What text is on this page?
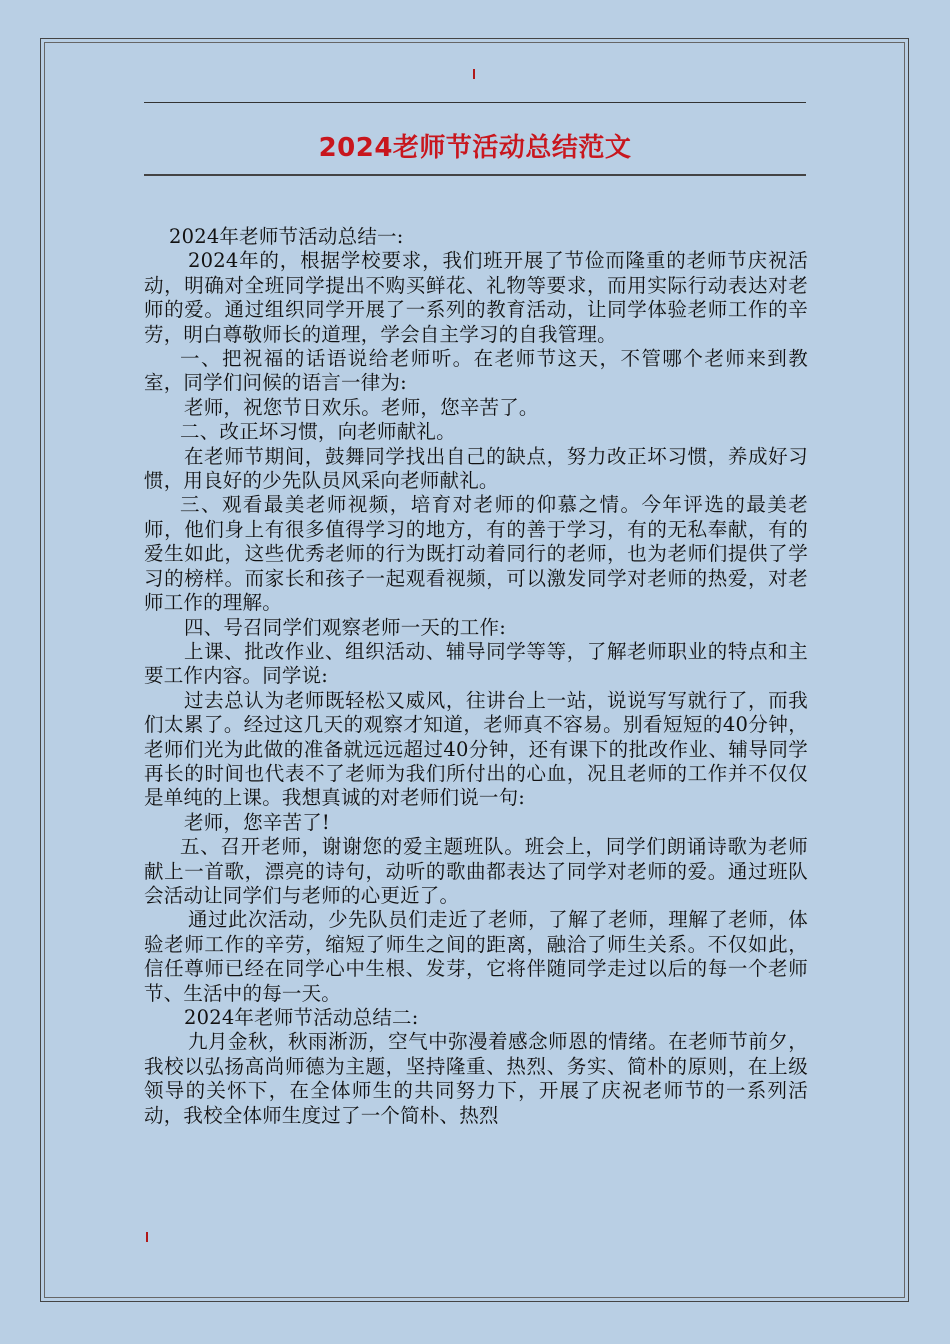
2024老师节活动总结范文

2024年老师节活动总结一:

2024年的，根据学校要求，我们班开展了节俭而隆重的老师节庆祝活动，明确对全班同学提出不购买鲜花、礼物等要求，而用实际行动表达对老师的爱。通过组织同学开展了一系列的教育活动，让同学体验老师工作的辛劳，明白尊敬师长的道理，学会自主学习的自我管理。

一、把祝福的话语说给老师听。在老师节这天，不管哪个老师来到教室，同学们问候的语言一律为:

老师，祝您节日欢乐。老师，您辛苦了。

二、改正坏习惯，向老师献礼。

在老师节期间，鼓舞同学找出自己的缺点，努力改正坏习惯，养成好习惯，用良好的少先队员风采向老师献礼。

三、观看最美老师视频，培育对老师的仰慕之情。今年评选的最美老师，他们身上有很多值得学习的地方，有的善于学习，有的无私奉献，有的爱生如此，这些优秀老师的行为既打动着同行的老师，也为老师们提供了学习的榜样。而家长和孩子一起观看视频，可以激发同学对老师的热爱，对老师工作的理解。

四、号召同学们观察老师一天的工作:

上课、批改作业、组织活动、辅导同学等等，了解老师职业的特点和主要工作内容。同学说:

过去总认为老师既轻松又威风，往讲台上一站，说说写写就行了，而我们太累了。经过这几天的观察才知道，老师真不容易。别看短短的40分钟，老师们光为此做的准备就远远超过40分钟，还有课下的批改作业、辅导同学 再长的时间也代表不了老师为我们所付出的心血，况且老师的工作并不仅仅是单纯的上课。我想真诚的对老师们说一句:

老师，您辛苦了!

五、召开老师，谢谢您的爱主题班队。班会上，同学们朗诵诗歌为老师献上一首歌，漂亮的诗句，动听的歌曲都表达了同学对老师的爱。通过班队会活动让同学们与老师的心更近了。

通过此次活动，少先队员们走近了老师，了解了老师，理解了老师，体验老师工作的辛劳，缩短了师生之间的距离，融洽了师生关系。不仅如此，信任尊师已经在同学心中生根、发芽，它将伴随同学走过以后的每一个老师节、生活中的每一天。

2024年老师节活动总结二:

九月金秋，秋雨淅沥，空气中弥漫着感念师恩的情绪。在老师节前夕，我校以弘扬高尚师德为主题，坚持隆重、热烈、务实、简朴的原则，在上级领导的关怀下，在全体师生的共同努力下，开展了庆祝老师节的一系列活动，我校全体师生度过了一个简朴、热烈
